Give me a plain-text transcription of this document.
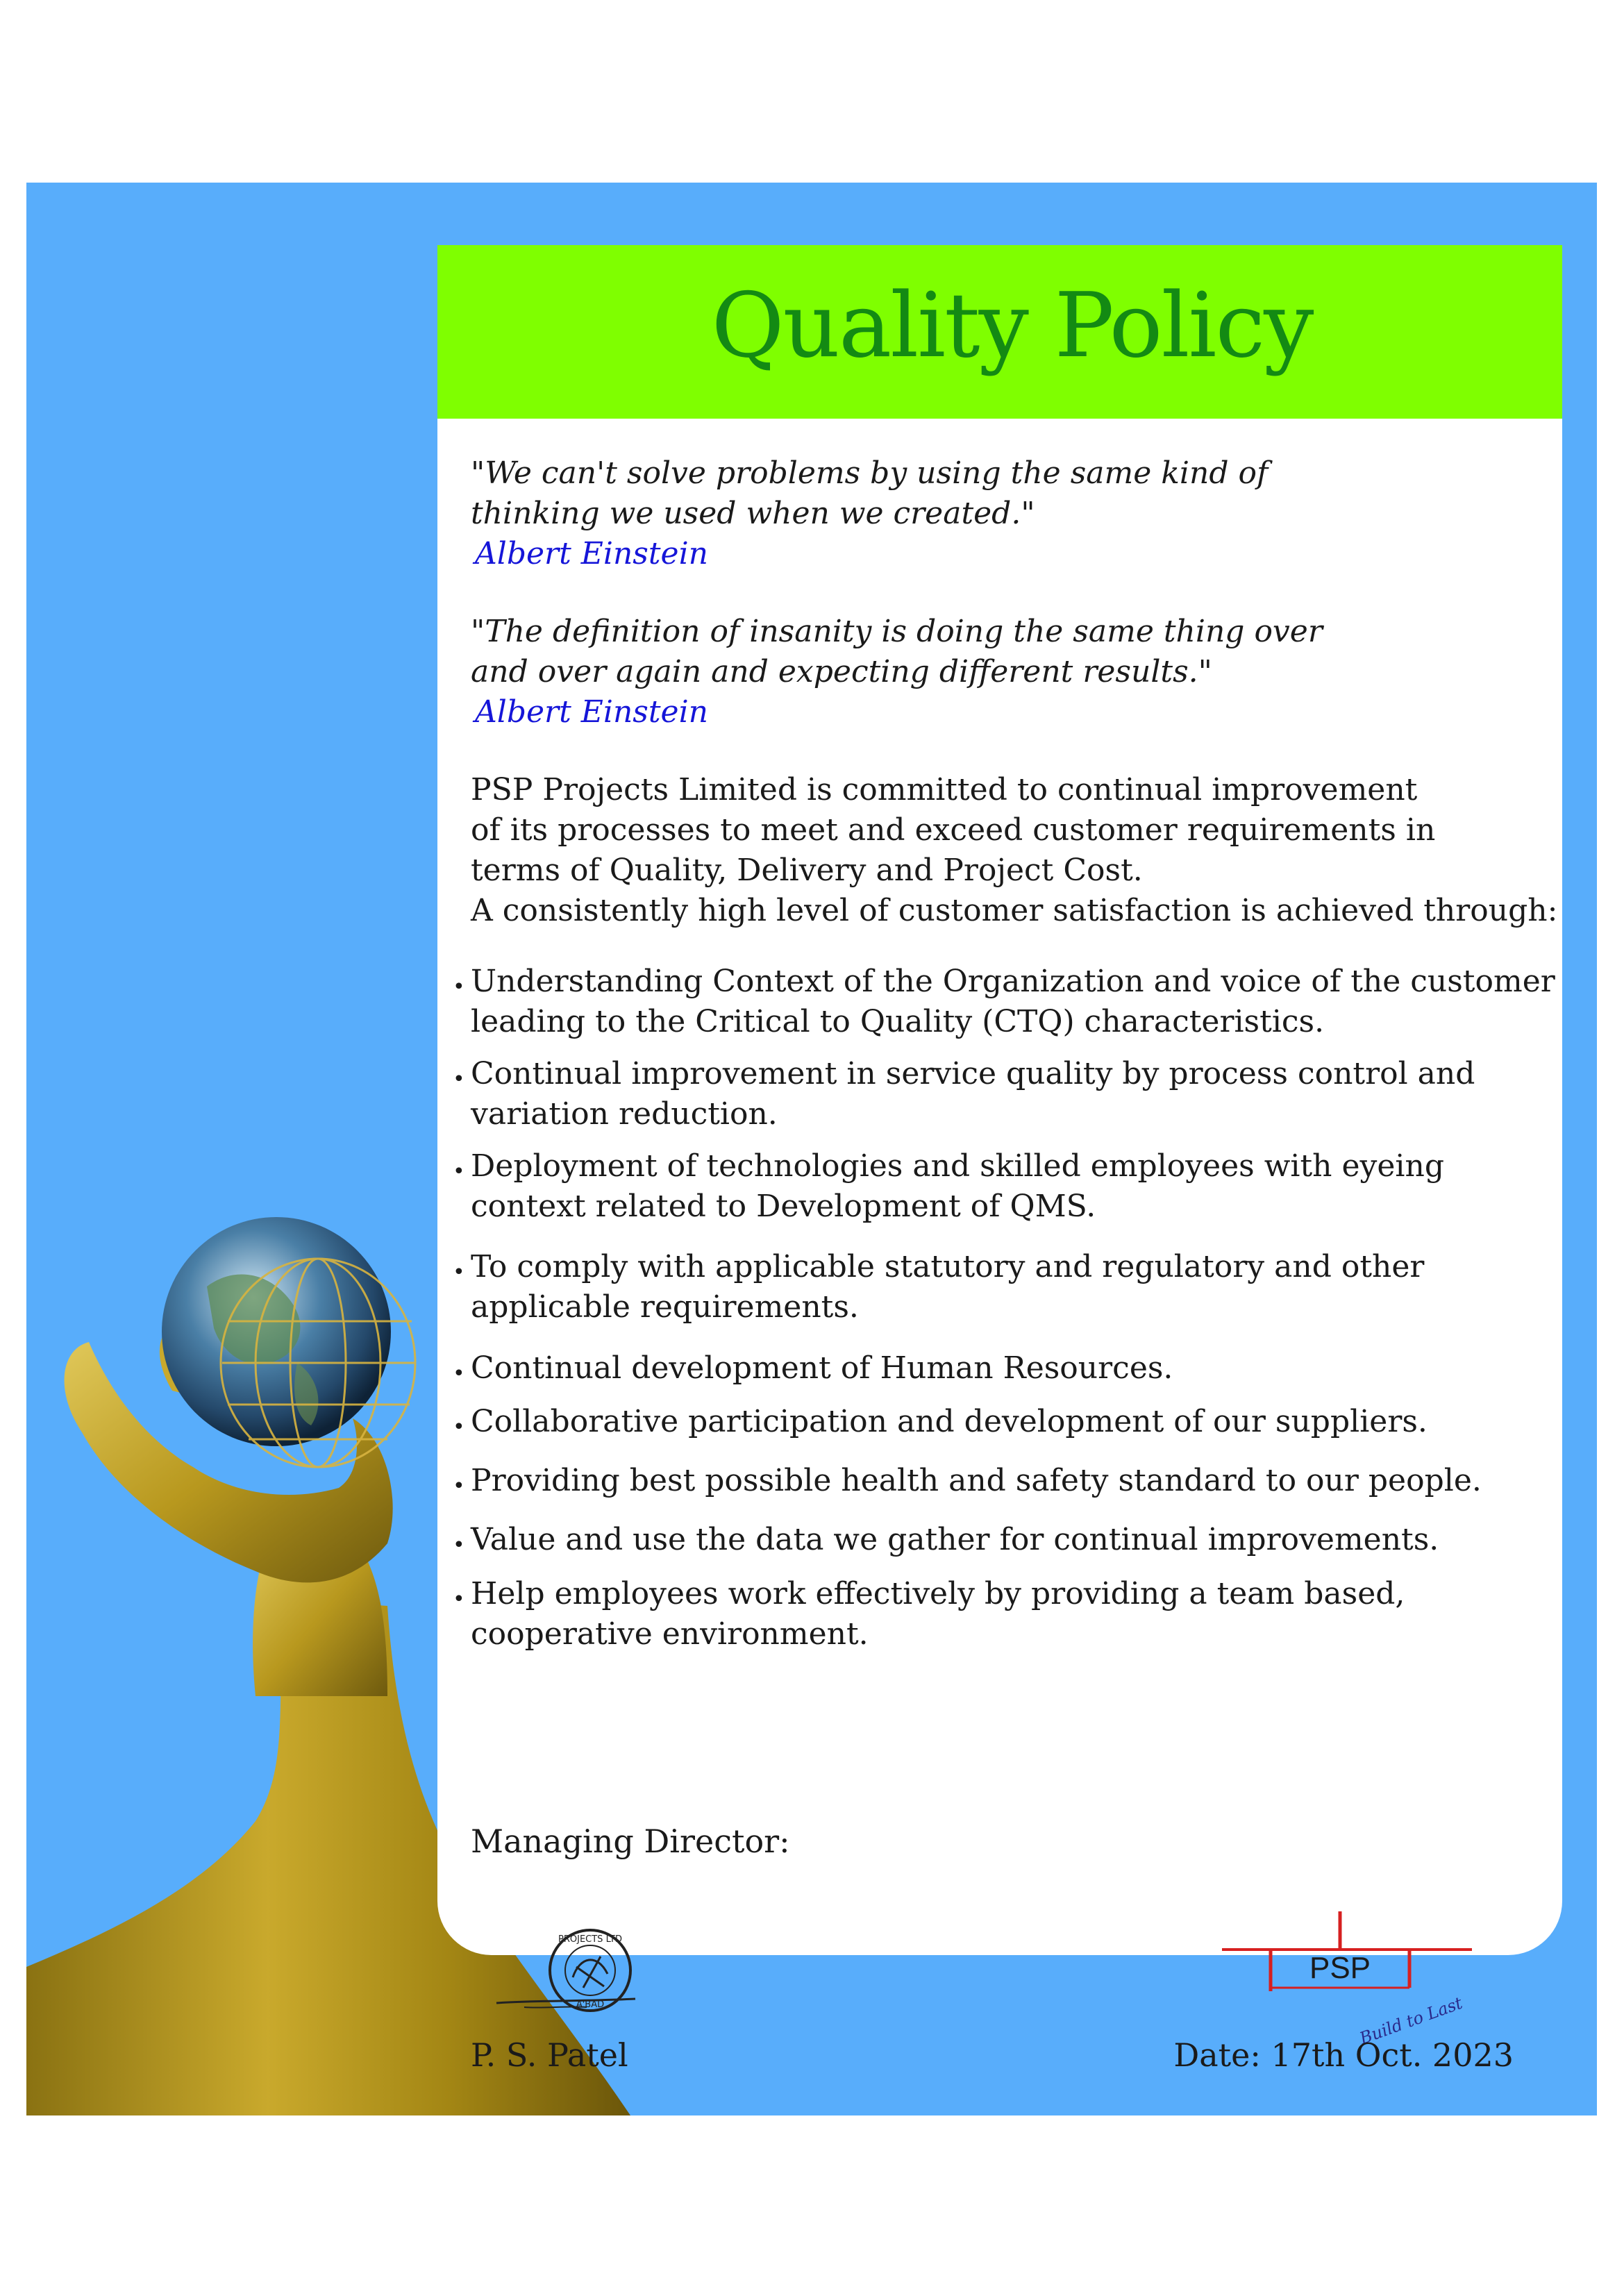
Quality Policy
"We can't solve problems by using the same kind of
thinking we used when we created."
Albert Einstein
"The definition of insanity is doing the same thing over
and over again and expecting different results."
Albert Einstein
PSP Projects Limited is committed to continual improvement
of its processes to meet and exceed customer requirements in
terms of Quality, Delivery and Project Cost.
A consistently high level of customer satisfaction is achieved through:
• Understanding Context of the Organization and voice of the customer
leading to the Critical to Quality (CTQ) characteristics.
• Continual improvement in service quality by process control and
variation reduction.
• Deployment of technologies and skilled employees with eyeing
context related to Development of QMS.
• To comply with applicable statutory and regulatory and other
applicable requirements.
• Continual development of Human Resources.
• Collaborative participation and development of our suppliers.
• Providing best possible health and safety standard to our people.
• Value and use the data we gather for continual improvements.
• Help employees work effectively by providing a team based,
cooperative environment.
Managing Director:
PROJECTS LTD
A'BAD
PSP
Build to Last
P. S. Patel	Date: 17th Oct. 2023
